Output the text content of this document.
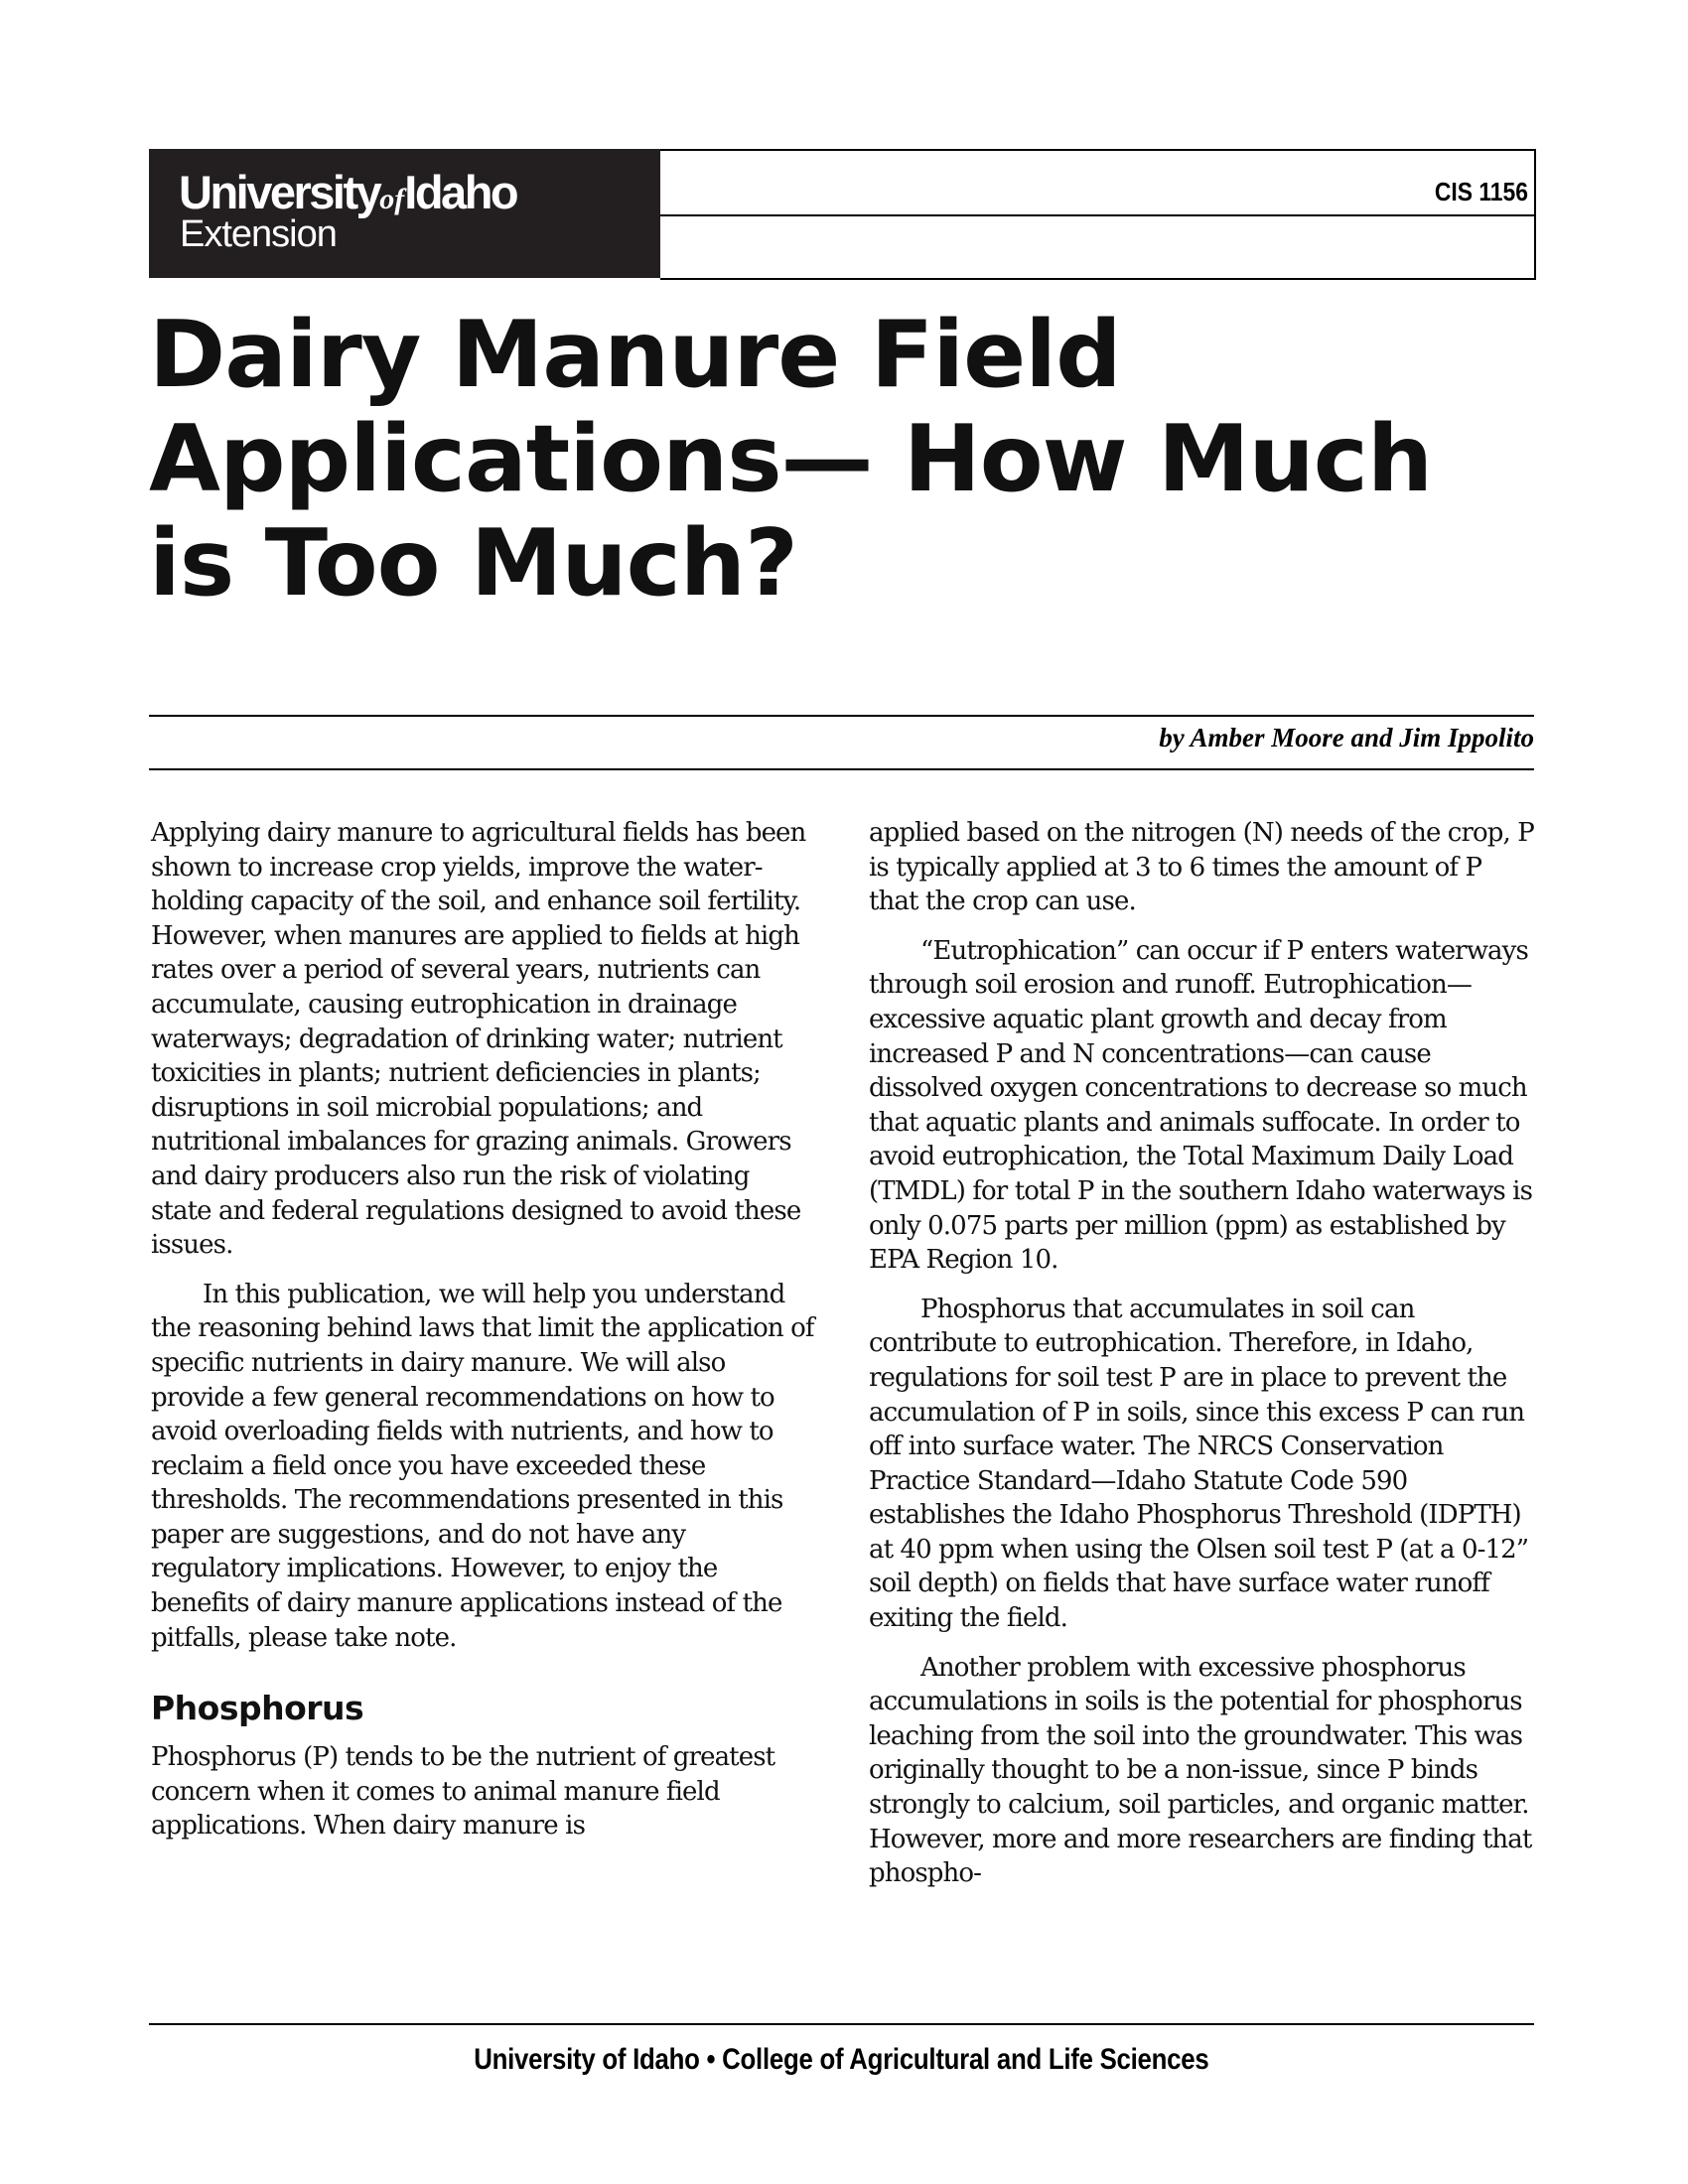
UniversityofIdaho
Extension
CIS 1156
Dairy Manure Field Applications— How Much is Too Much?
by Amber Moore and Jim Ippolito

Applying dairy manure to agricultural fields has been shown to increase crop yields, improve the water-holding capacity of the soil, and enhance soil fertility. However, when manures are applied to fields at high rates over a period of several years, nutrients can accumulate, causing eutrophication in drainage waterways; degradation of drinking water; nutrient toxicities in plants; nutrient deficiencies in plants; disruptions in soil microbial populations; and nutritional imbalances for grazing animals. Growers and dairy producers also run the risk of violating state and federal regulations designed to avoid these issues.

In this publication, we will help you understand the reasoning behind laws that limit the application of specific nutrients in dairy manure. We will also provide a few general recommendations on how to avoid overloading fields with nutrients, and how to reclaim a field once you have exceeded these thresholds. The recommendations presented in this paper are suggestions, and do not have any regulatory implications. However, to enjoy the benefits of dairy manure applications instead of the pitfalls, please take note.

Phosphorus

Phosphorus (P) tends to be the nutrient of greatest concern when it comes to animal manure field applications. When dairy manure is

applied based on the nitrogen (N) needs of the crop, P is typically applied at 3 to 6 times the amount of P that the crop can use.

“Eutrophication” can occur if P enters waterways through soil erosion and runoff. Eutrophication—excessive aquatic plant growth and decay from increased P and N concentrations—can cause dissolved oxygen concentrations to decrease so much that aquatic plants and animals suffocate. In order to avoid eutrophication, the Total Maximum Daily Load (TMDL) for total P in the southern Idaho waterways is only 0.075 parts per million (ppm) as established by EPA Region 10.

Phosphorus that accumulates in soil can contribute to eutrophication. Therefore, in Idaho, regulations for soil test P are in place to prevent the accumulation of P in soils, since this excess P can run off into surface water. The NRCS Conservation Practice Standard—Idaho Statute Code 590 establishes the Idaho Phosphorus Threshold (IDPTH) at 40 ppm when using the Olsen soil test P (at a 0-12” soil depth) on fields that have surface water runoff exiting the field.

Another problem with excessive phosphorus accumulations in soils is the potential for phosphorus leaching from the soil into the groundwater. This was originally thought to be a non-issue, since P binds strongly to calcium, soil particles, and organic matter. However, more and more researchers are finding that phospho-

University of Idaho • College of Agricultural and Life Sciences
